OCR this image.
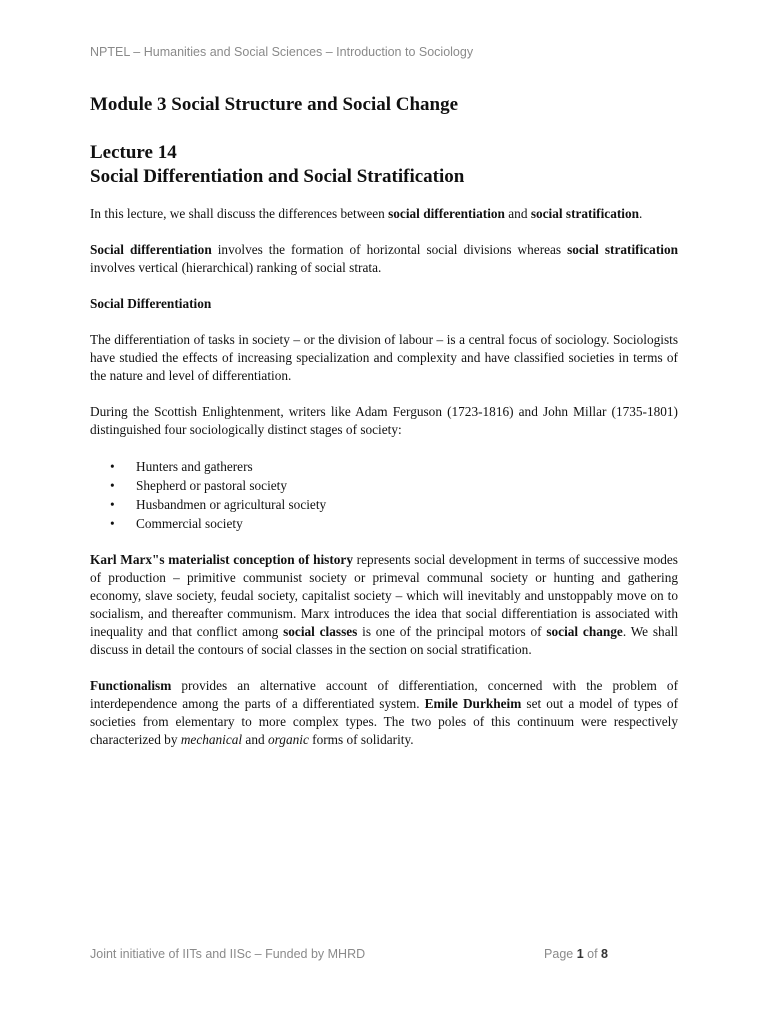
NPTEL – Humanities and Social Sciences – Introduction to Sociology
Module 3 Social Structure and Social Change
Lecture 14
Social Differentiation and Social Stratification

In this lecture, we shall discuss the differences between social differentiation and social stratification.

Social differentiation involves the formation of horizontal social divisions whereas social stratification involves vertical (hierarchical) ranking of social strata.

Social Differentiation

The differentiation of tasks in society – or the division of labour – is a central focus of sociology. Sociologists have studied the effects of increasing specialization and complexity and have classified societies in terms of the nature and level of differentiation.

During the Scottish Enlightenment, writers like Adam Ferguson (1723-1816) and John Millar (1735-1801) distinguished four sociologically distinct stages of society:

• Hunters and gatherers
• Shepherd or pastoral society
• Husbandmen or agricultural society
• Commercial society

Karl Marx"s materialist conception of history represents social development in terms of successive modes of production – primitive communist society or primeval communal society or hunting and gathering economy, slave society, feudal society, capitalist society – which will inevitably and unstoppably move on to socialism, and thereafter communism. Marx introduces the idea that social differentiation is associated with inequality and that conflict among social classes is one of the principal motors of social change. We shall discuss in detail the contours of social classes in the section on social stratification.

Functionalism provides an alternative account of differentiation, concerned with the problem of interdependence among the parts of a differentiated system. Emile Durkheim set out a model of types of societies from elementary to more complex types. The two poles of this continuum were respectively characterized by mechanical and organic forms of solidarity.

Joint initiative of IITs and IISc – Funded by MHRD	Page 1 of 8
